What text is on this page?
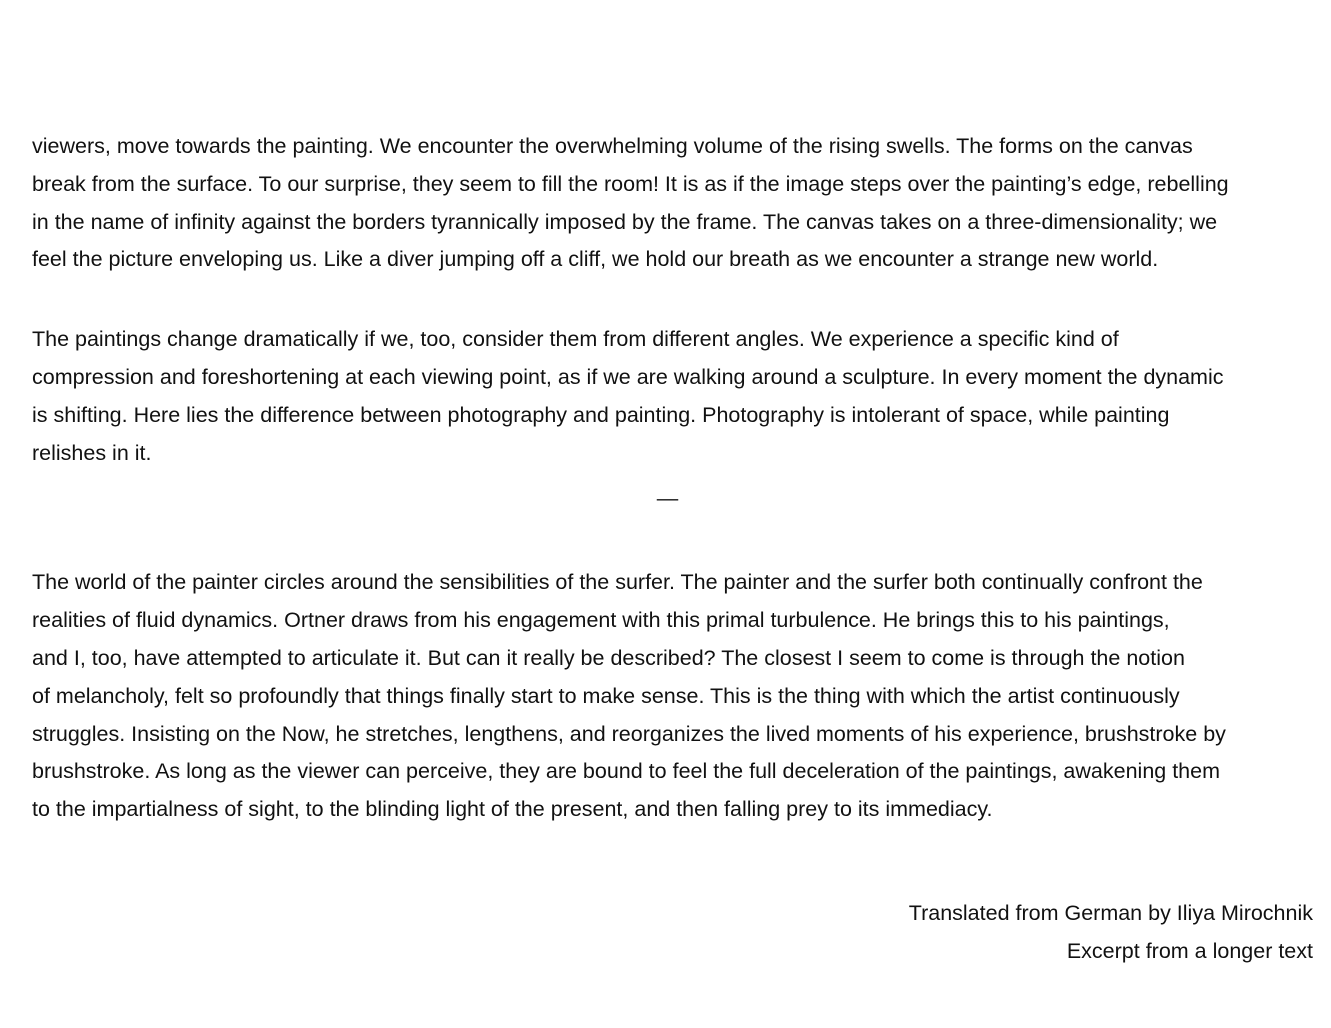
viewers, move towards the painting. We encounter the overwhelming volume of the rising swells. The forms on the canvas
break from the surface. To our surprise, they seem to fill the room! It is as if the image steps over the painting’s edge, rebelling
in the name of infinity against the borders tyrannically imposed by the frame. The canvas takes on a three-dimensionality; we
feel the picture enveloping us. Like a diver jumping off a cliff, we hold our breath as we encounter a strange new world.

The paintings change dramatically if we, too, consider them from different angles. We experience a specific kind of
compression and foreshortening at each viewing point, as if we are walking around a sculpture. In every moment the dynamic
is shifting. Here lies the difference between photography and painting. Photography is intolerant of space, while painting
relishes in it.

—

The world of the painter circles around the sensibilities of the surfer. The painter and the surfer both continually confront the
realities of fluid dynamics. Ortner draws from his engagement with this primal turbulence. He brings this to his paintings,
and I, too, have attempted to articulate it. But can it really be described? The closest I seem to come is through the notion
of melancholy, felt so profoundly that things finally start to make sense. This is the thing with which the artist continuously
struggles. Insisting on the Now, he stretches, lengthens, and reorganizes the lived moments of his experience, brushstroke by
brushstroke. As long as the viewer can perceive, they are bound to feel the full deceleration of the paintings, awakening them
to the impartialness of sight, to the blinding light of the present, and then falling prey to its immediacy.

Translated from German by Iliya Mirochnik
Excerpt from a longer text
